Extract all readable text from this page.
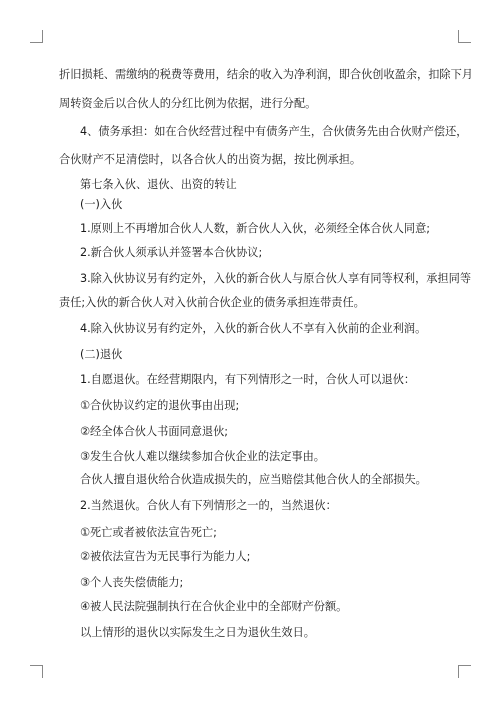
折旧损耗、需缴纳的税费等费用，结余的收入为净利润，即合伙创收盈余，扣除下月
周转资金后以合伙人的分红比例为依据，进行分配。
4、债务承担：如在合伙经营过程中有债务产生，合伙债务先由合伙财产偿还，
合伙财产不足清偿时，以各合伙人的出资为据，按比例承担。
第七条入伙、退伙、出资的转让
(一)入伙
1.原则上不再增加合伙人人数，新合伙人入伙，必须经全体合伙人同意;
2.新合伙人须承认并签署本合伙协议;
3.除入伙协议另有约定外，入伙的新合伙人与原合伙人享有同等权利，承担同等
责任;入伙的新合伙人对入伙前合伙企业的债务承担连带责任。
4.除入伙协议另有约定外，入伙的新合伙人不享有入伙前的企业利润。
(二)退伙
1.自愿退伙。在经营期限内，有下列情形之一时，合伙人可以退伙：
①合伙协议约定的退伙事由出现;
②经全体合伙人书面同意退伙;
③发生合伙人难以继续参加合伙企业的法定事由。
合伙人擅自退伙给合伙造成损失的，应当赔偿其他合伙人的全部损失。
2.当然退伙。合伙人有下列情形之一的，当然退伙：
①死亡或者被依法宣告死亡;
②被依法宣告为无民事行为能力人;
③个人丧失偿债能力;
④被人民法院强制执行在合伙企业中的全部财产份额。
以上情形的退伙以实际发生之日为退伙生效日。
